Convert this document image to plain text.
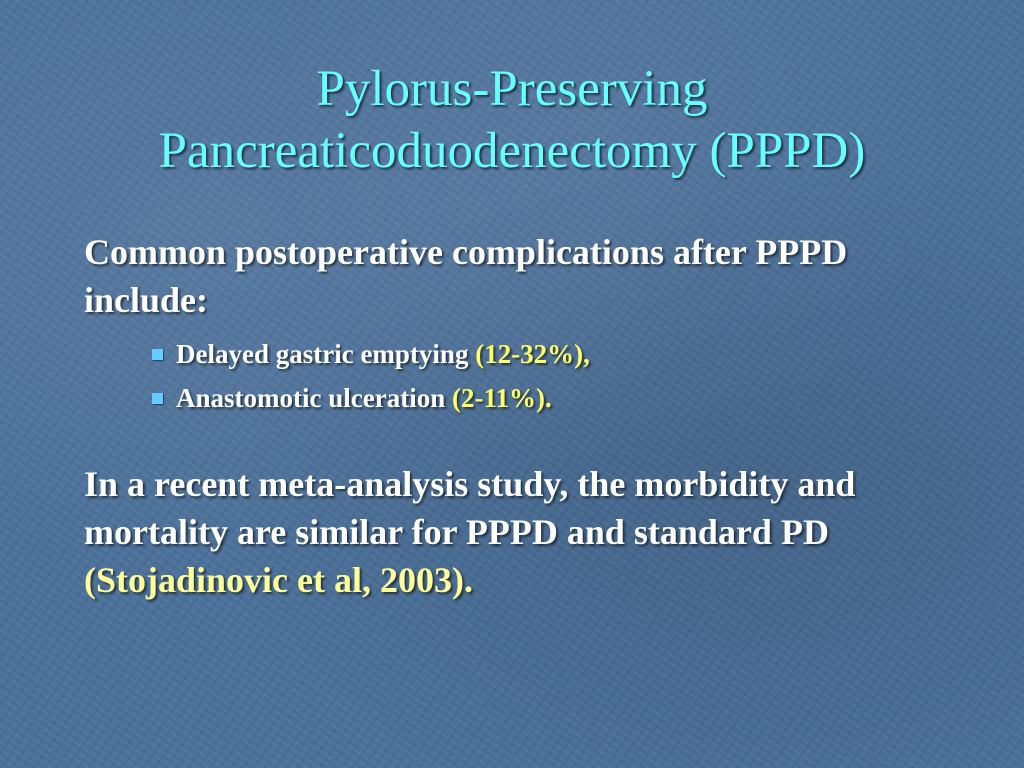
Pylorus-Preserving
Pancreaticoduodenectomy (PPPD)

Common postoperative complications after PPPD include:

Delayed gastric emptying (12-32%),
Anastomotic ulceration (2-11%).

In a recent meta-analysis study, the morbidity and mortality are similar for PPPD and standard PD (Stojadinovic et al, 2003).
